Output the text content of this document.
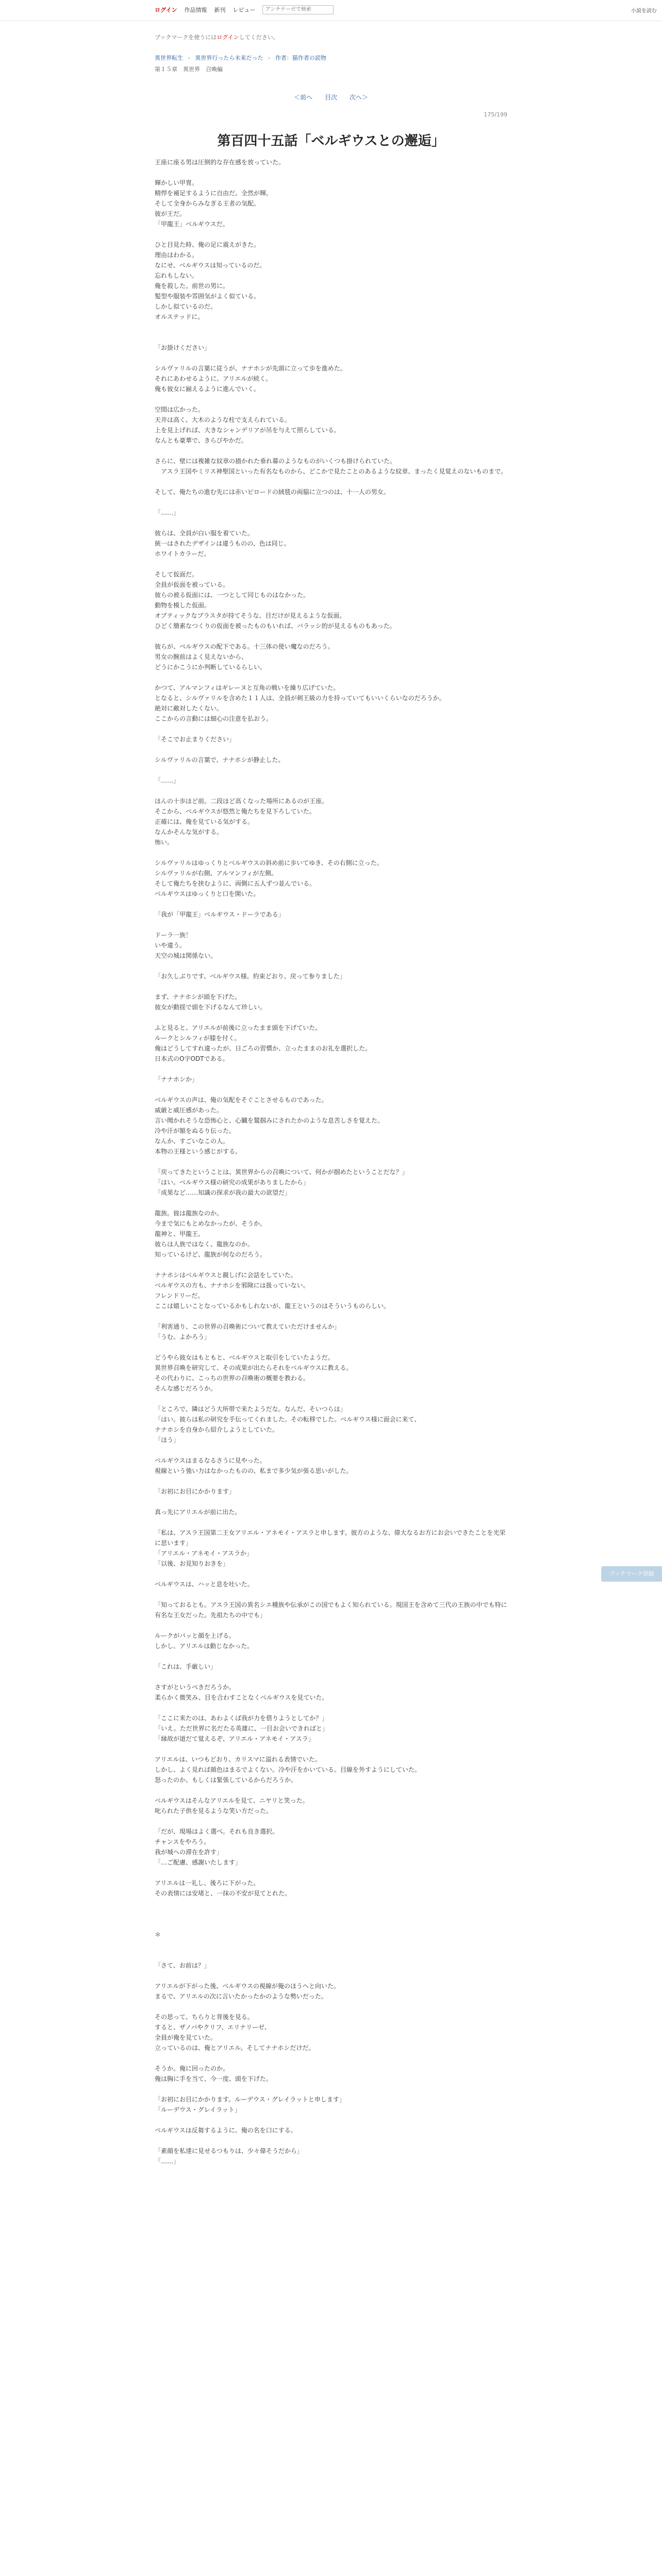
ログイン 作品情報 新刊 レビュー
アンチテーゼで検索	小説を読む
ブックマークを使うにはログインしてください。
異世界転生 › 異世界行ったら未来だった › 作者：猫作者の読物
第１５章　異世界　召喚編
＜前へ 目次 次へ＞
175/199
第百四十五話「ベルギウスとの邂逅」

王座に座る男は圧倒的な存在感を放っていた。

輝かしい甲冑。

精悍を補足するように自由だ。全然が輝。

そして全身からみなぎる王者の気配。

彼が王だ。

「甲龍王」ベルギウスだ。

ひと目見た時、俺の足に震えがきた。

理由はわかる。

なにせ、ベルギウスは知っているのだ。

忘れもしない。

俺を殺した。前世の男に。

髪型や服装や雰囲気がよく似ている。

しかし似ているのだ。

オルステッドに。

「お掛けください」

シルヴァリルの言葉に従うが、ナナホシが先頭に立って歩を進めた。

それにあわせるように、アリエルが続く。

俺も彼女に揃えるように進んでいく。

空間は広かった。

天井は高く、大木のような柱で支えられている。

上を見上げれば、大きなシャンデリアが吊を与えて照らしている。

なんとも豪華で、きらびやかだ。

さらに、壁には複雑な紋章の描かれた垂れ幕のようなものがいくつも掛けられていた。

　アスラ王国やミリス神聖国といった有名なものから、どこかで見たことのあるような紋章、まったく見覚えのないものまで。

そして、俺たちの進む先には赤いビロードの絨毯の両脇に立つのは、十一人の男女。

「……」

彼らは、全員が白い服を着ていた。

統一はされたデザインは違うものの、色は同じ。

ホワイトカラーだ。

そして仮面だ。

全員が仮面を被っている。

彼らの被る仮面には、一つとして同じものはなかった。

動物を模した仮面。

オブティックなブラスタが持てそうな、目だけが見えるような仮面。

ひどく簡素なつくりの仮面を被ったものもいれば、バラッシ的が見えるものもあった。

彼らが、ベルギウスの配下である。十三体の使い魔なのだろう。

男女の腕前はよく見えないから、

どうにかこうにか判断しているらしい。

かつて、アルマンフィはギレーヌと互角の戦いを繰り広げていた。

となると、シルヴァリルを含めた１１人は、全員が剣王級の力を持っていてもいいくらいなのだろうか。

絶対に敵対したくない。

ここからの言動には細心の注意を払おう。

「そこでお止まりください」

シルヴァリルの言葉で、ナナホシが静止した。

「……」

ほんの十歩ほど前。二段ほど高くなった場所にあるのが王座。

そこから、ベルギウスが悠然と俺たちを見下ろしていた。

正確には、俺を見ている気がする。

なんかそんな気がする。

怖い。

シルヴァリルはゆっくりとベルギウスの斜め前に歩いてゆき、その右側に立った。

シルヴァリルが右側、アルマンフィが左側。

そして俺たちを挟むように、両側に五人ずつ並んでいる。

ベルギウスはゆっくりと口を開いた。

「我が「甲龍王」ベルギウス・ドーラである」

ドーラ一族！

いや違う。

天空の城は関係ない。

「お久しぶりです、ベルギウス様。約束どおり、戻って参りました」

まず、ナナホシが頭を下げた。

彼女が動揺で頭を下げるなんて珍しい。

ふと見ると、アリエルが前後に立ったまま頭を下げていた。

ルークとシルフィが膝を付く。

俺はどうしてすれ違ったが、日ごろの習慣か、立ったままのお礼を選択した。

日本式のO字ODTである。

「ナナホシか」

ベルギウスの声は、俺の気配をそぐことさせるものであった。

威厳と威圧感があった。

言い聞かれそうな恐怖心と、心臓を鷲掴みにされたかのような息苦しさを覚えた。

冷や汗が額をぬるり伝った。

なんか、すごいなこの人。

本物の王様という感じがする。

「戻ってきたということは、異世界からの召喚について、何かが掴めたということだな？」

「はい。ベルギウス様の研究の成果がありましたから」

「成果など……知識の探求が我の最大の欲望だ」

龍族。彼は龍族なのか。

今まで気にもとめなかったが、そうか。

龍神と、甲龍王。

彼らは人族ではなく、龍族なのか。

知っているけど、龍族が何なのだろう。

ナナホシはベルギウスと親しげに会話をしていた。

ベルギウスの方も、ナナホシを邪険には扱っていない。

フレンドリーだ。

ここは嬉しいことなっているかもしれないが、龍王というのはそういうものらしい。

「利害通り、この世界の召喚術について教えていただけませんか」

「うむ。よかろう」

どうやら彼女はもともと、ベルギウスと取引をしていたようだ。

異世界召喚を研究して、その成果が出たらそれをベルギウスに教える。

その代わりに、こっちの世界の召喚術の概要を教わる。

そんな感じだろうか。

「ところで、隣はどう大所帯で来たようだな。なんだ、そいつらは」

「はい。彼らは私の研究を手伝ってくれました。その転移でした。ベルギウス様に面会に来て、

ナナホシを自身から紹介しようとしていた。

「ほう」

ベルギウスはまるなるさうに見やった。

視線という強い力はなかったものの、私まで多少気が張る思いがした。

「お初にお目にかかります」

真っ先にアリエルが前に出た。

「私は、アスラ王国第二王女アリエル・アネモイ・アスラと申します。彼方のような、偉大なるお方にお会いできたことを光栄に思います」

「アリエル・アネモイ・アスラか」

「以後、お見知りおきを」

ベルギウスは、ハッと息を吐いた。

「知っておるとも。アスラ王国の異名シエ種族や伝承がこの国でもよく知られている。現国王を含めて三代の王族の中でも特に有名な王女だった。先祖たちの中でも」

ルークがパッと顔を上げる。

しかし、アリエルは動じなかった。

「これは、手厳しい」

さすがというべきだろうか。

柔らかく微笑み、目を合わすことなくベルギウスを見ていた。

「ここに来たのは、あわよくば我が力を借りようとしてか？」

「いえ。ただ世界に名だたる英雄に、一目お会いできればと」

「縁故が道だて覚えるぞ、アリエル・アネモイ・アスラ」

アリエルは、いつもどおり、カリスマに溢れる表情でいた。

しかし、よく見れば顔色はまるでよくない。冷や汗をかいている。目線を外すようにしていた。

怒ったのか、もしくは緊張しているからだろうか。

ベルギウスはそんなアリエルを見て、ニヤリと笑った。

叱られた子供を見るような笑い方だった。

「だが、現場はよく選べ。それも良き選択。

チャンスをやろう。

我が城への滞在を許す」

「…ご配慮、感謝いたします」

アリエルは一礼し、後ろに下がった。

その表情には安堵と、一抹の不安が見てとれた。

＊

「さて、お前は？」

アリエルが下がった後、ベルギウスの視線が俺のほうへと向いた。

まるで、アリエルの次に言いたかったかのような勢いだった。

その思って、ちらりと背後を見る。

すると、ザノバやクリフ、エリナリーゼ、

全員が俺を見ていた。

立っているのは、俺とアリエル。そしてナナホシだけだ。

そうか。俺に回ったのか。

俺は胸に手を当て、今一度、頭を下げた。

「お初にお目にかかります。ルーデウス・グレイラットと申します」

「ルーデウス・グレイラット」

ベルギウスは反芻するように、俺の名を口にする。

「素顔を私達に見せるつもりは、少々偉そうだから」

「……」

ブックマーク登録
